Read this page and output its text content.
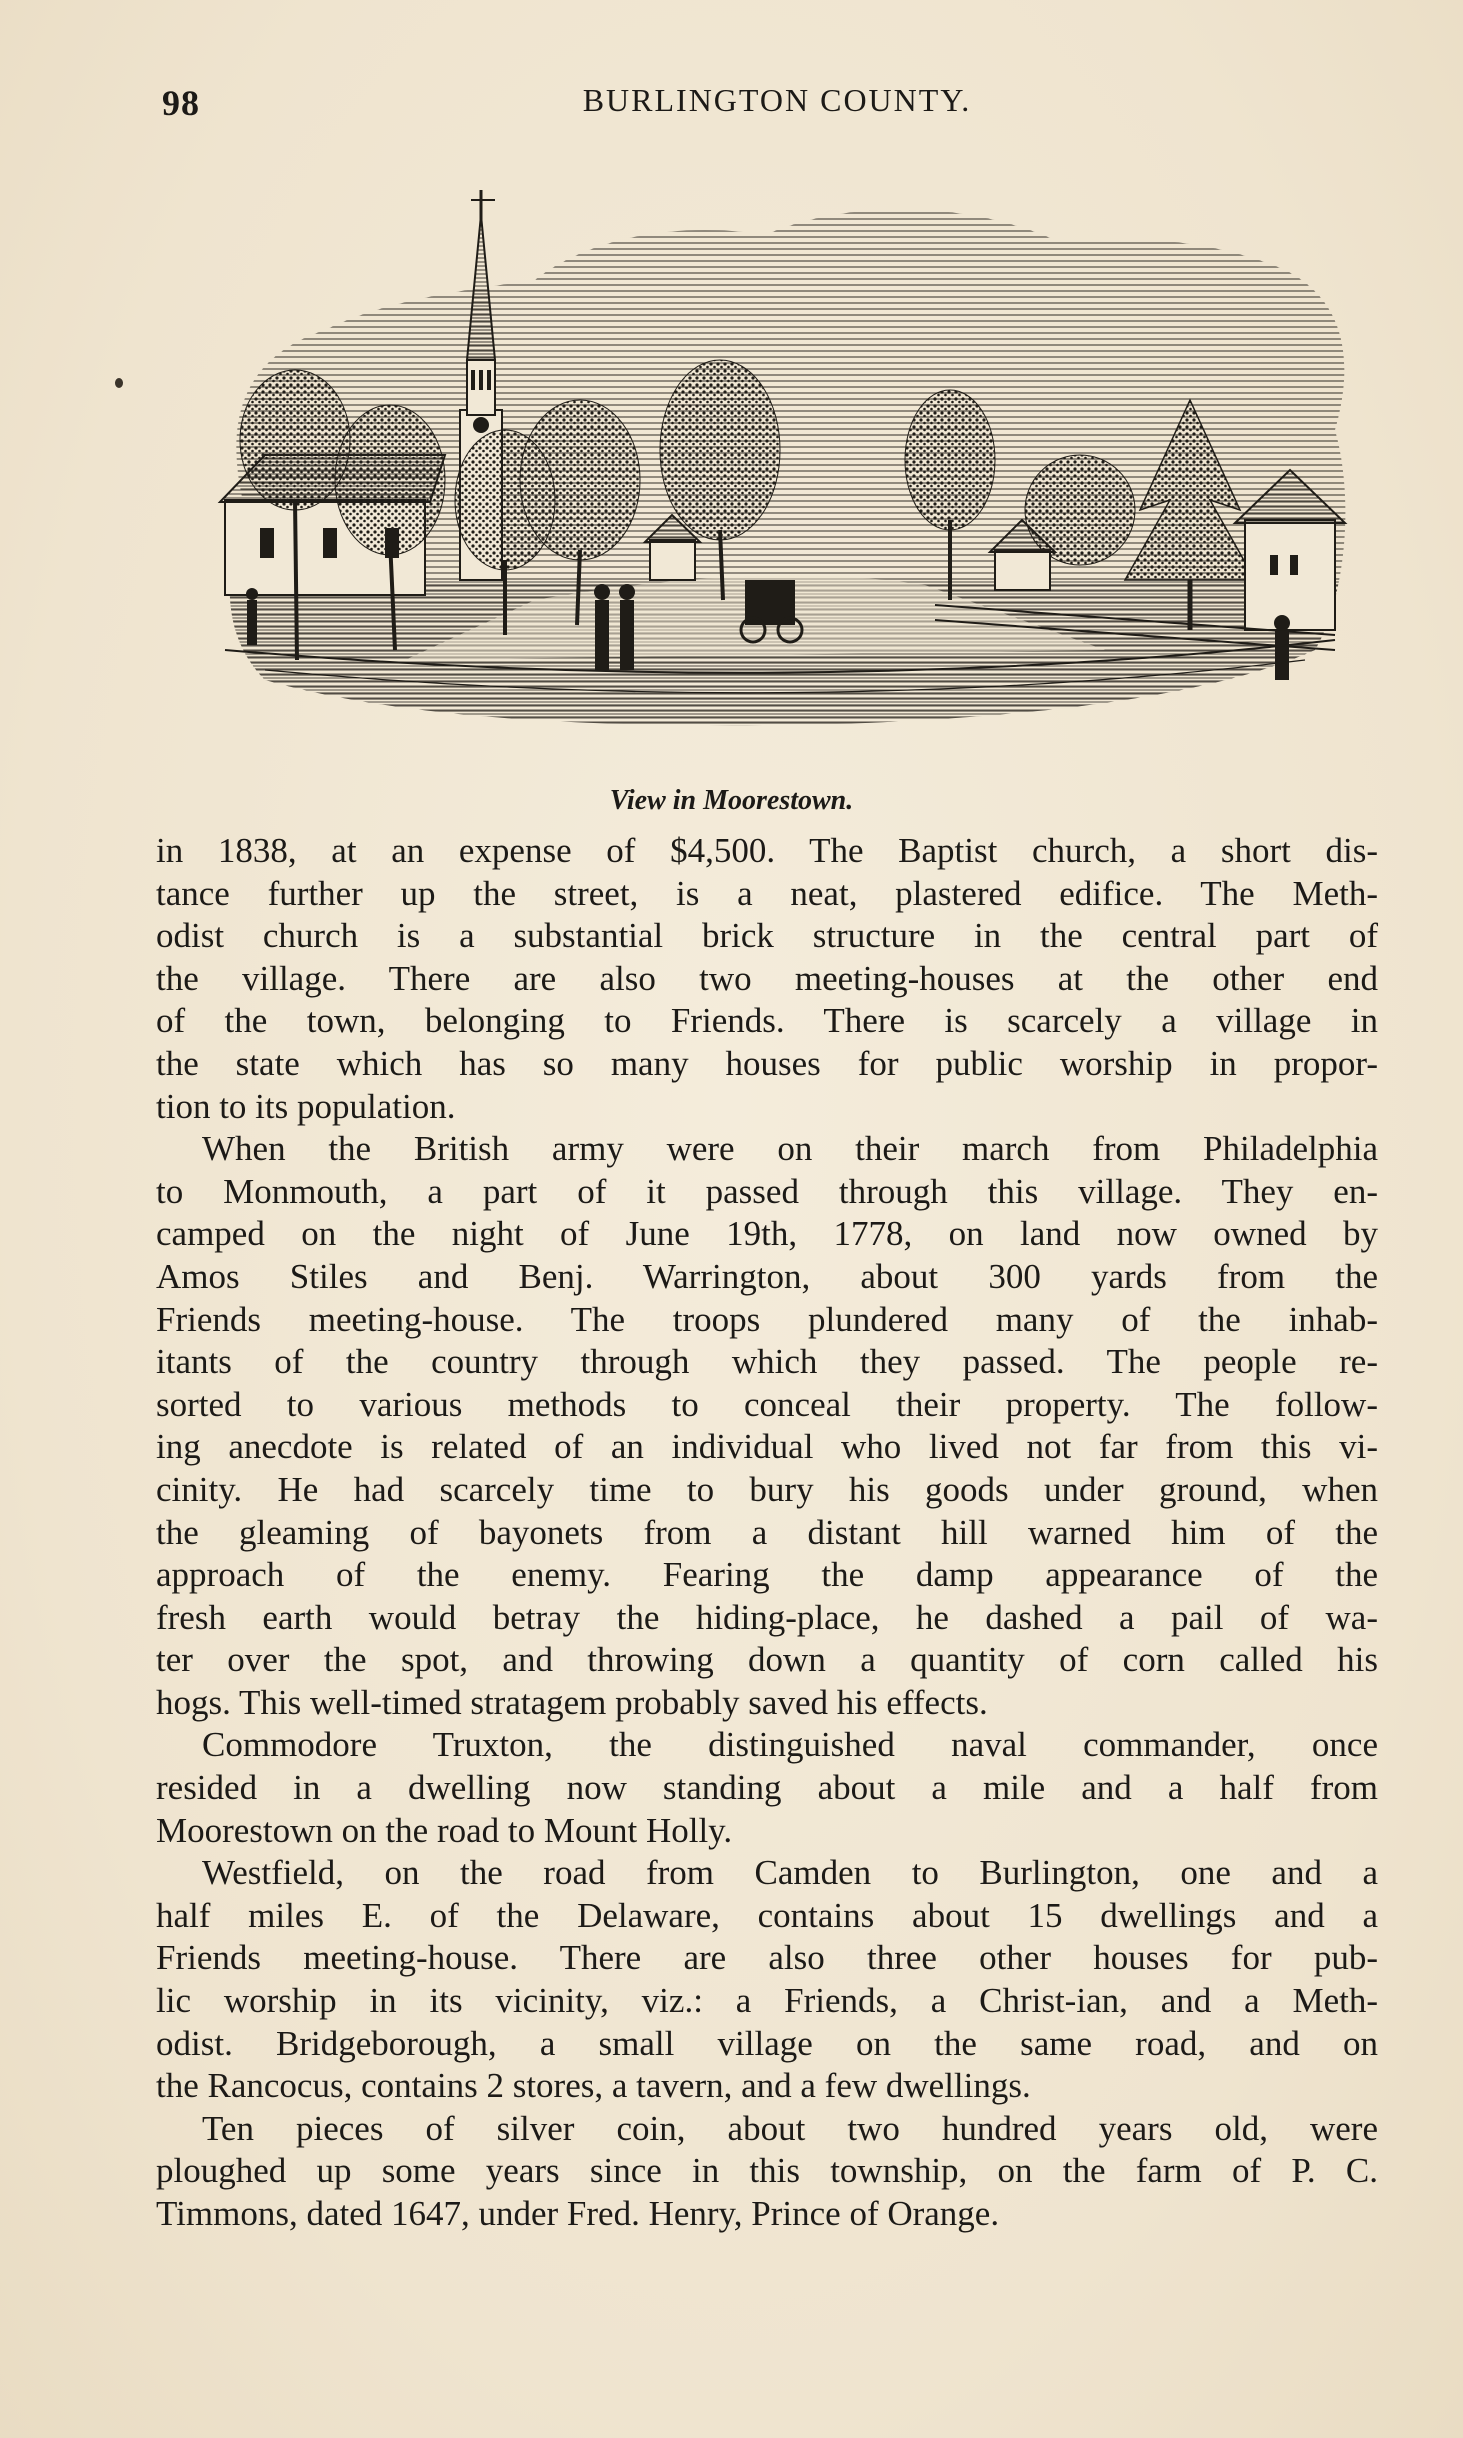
98	BURLINGTON COUNTY.
View in Moorestown.

in 1838, at an expense of $4,500. The Baptist church, a short dis-
tance further up the street, is a neat, plastered edifice. The Meth-
odist church is a substantial brick structure in the central part of
the village. There are also two meeting-houses at the other end
of the town, belonging to Friends. There is scarcely a village in
the state which has so many houses for public worship in propor-
tion to its population.
When the British army were on their march from Philadelphia
to Monmouth, a part of it passed through this village. They en-
camped on the night of June 19th, 1778, on land now owned by
Amos Stiles and Benj. Warrington, about 300 yards from the
Friends meeting-house. The troops plundered many of the inhab-
itants of the country through which they passed. The people re-
sorted to various methods to conceal their property. The follow-
ing anecdote is related of an individual who lived not far from this vi-
cinity. He had scarcely time to bury his goods under ground, when
the gleaming of bayonets from a distant hill warned him of the
approach of the enemy. Fearing the damp appearance of the
fresh earth would betray the hiding-place, he dashed a pail of wa-
ter over the spot, and throwing down a quantity of corn called his
hogs. This well-timed stratagem probably saved his effects.
Commodore Truxton, the distinguished naval commander, once
resided in a dwelling now standing about a mile and a half from
Moorestown on the road to Mount Holly.
Westfield, on the road from Camden to Burlington, one and a
half miles E. of the Delaware, contains about 15 dwellings and a
Friends meeting-house. There are also three other houses for pub-
lic worship in its vicinity, viz.: a Friends, a Christ-ian, and a Meth-
odist. Bridgeborough, a small village on the same road, and on
the Rancocus, contains 2 stores, a tavern, and a few dwellings.
Ten pieces of silver coin, about two hundred years old, were
ploughed up some years since in this township, on the farm of P. C.
Timmons, dated 1647, under Fred. Henry, Prince of Orange.
